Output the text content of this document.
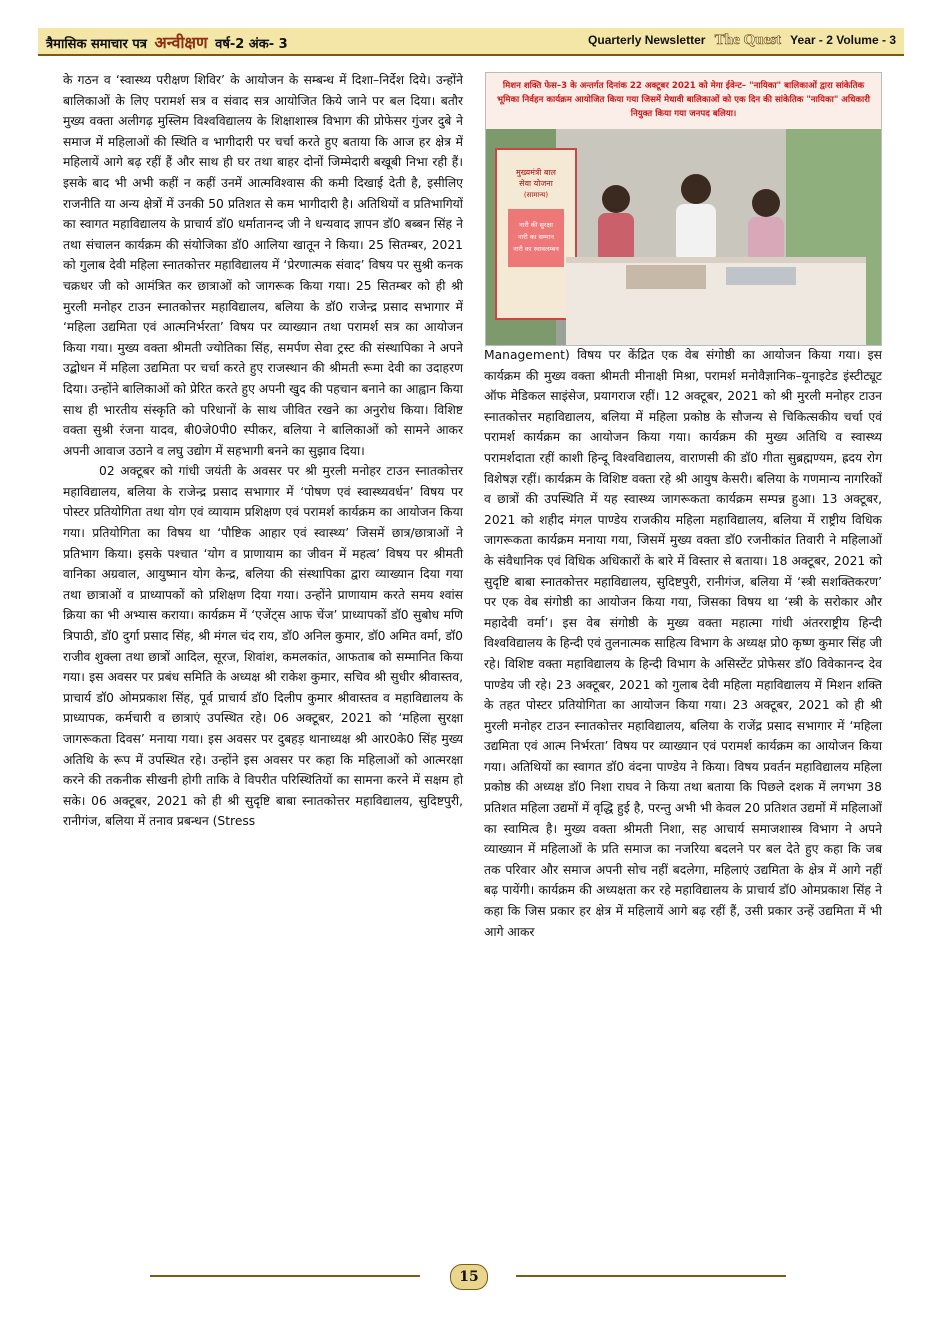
त्रैमासिक समाचार पत्र अन्वीक्षण वर्ष-2 अंक- 3	Quarterly Newsletter The Quest Year - 2 Volume - 3

के गठन व ‘स्वास्थ्य परीक्षण शिविर’ के आयोजन के सम्बन्ध में दिशा–निर्देश दिये। उन्होंने बालिकाओं के लिए परामर्श सत्र व संवाद सत्र आयोजित किये जाने पर बल दिया। बतौर मुख्य वक्ता अलीगढ़ मुस्लिम विश्वविद्यालय के शिक्षाशास्त्र विभाग की प्रोफेसर गुंजर दुबे ने समाज में महिलाओं की स्थिति व भागीदारी पर चर्चा करते हुए बताया कि आज हर क्षेत्र में महिलायें आगे बढ़ रहीं हैं और साथ ही घर तथा बाहर दोनों जिम्मेदारी बखूबी निभा रही हैं। इसके बाद भी अभी कहीं न कहीं उनमें आत्मविश्वास की कमी दिखाई देती है, इसीलिए राजनीति या अन्य क्षेत्रों में उनकी 50 प्रतिशत से कम भागीदारी है। अतिथियों व प्रतिभागियों का स्वागत महाविद्यालय के प्राचार्य डॉ0 धर्मातानन्द जी ने धन्यवाद ज्ञापन डॉ0 बब्बन सिंह ने तथा संचालन कार्यक्रम की संयोजिका डॉ0 आलिया खातून ने किया। 25 सितम्बर, 2021 को गुलाब देवी महिला स्नातकोत्तर महाविद्यालय में ‘प्रेरणात्मक संवाद’ विषय पर सुश्री कनक चक्रधर जी को आमंत्रित कर छात्राओं को जागरूक किया गया। 25 सितम्बर को ही श्री मुरली मनोहर टाउन स्नातकोत्तर महाविद्यालय, बलिया के डॉ0 राजेन्द्र प्रसाद सभागार में ‘महिला उद्यमिता एवं आत्मनिर्भरता’ विषय पर व्याख्यान तथा परामर्श सत्र का आयोजन किया गया। मुख्य वक्ता श्रीमती ज्योतिका सिंह, समर्पण सेवा ट्रस्ट की संस्थापिका ने अपने उद्बोधन में महिला उद्यमिता पर चर्चा करते हुए राजस्थान की श्रीमती रूमा देवी का उदाहरण दिया। उन्होंने बालिकाओं को प्रेरित करते हुए अपनी खुद की पहचान बनाने का आह्वान किया साथ ही भारतीय संस्कृति को परिधानों के साथ जीवित रखने का अनुरोध किया। विशिष्ट वक्ता सुश्री रंजना यादव, बी0जे0पी0 स्पीकर, बलिया ने बालिकाओं को सामने आकर अपनी आवाज उठाने व लघु उद्योग में सहभागी बनने का सुझाव दिया।

02 अक्टूबर को गांधी जयंती के अवसर पर श्री मुरली मनोहर टाउन स्नातकोत्तर महाविद्यालय, बलिया के राजेन्द्र प्रसाद सभागार में ‘पोषण एवं स्वास्थ्यवर्धन’ विषय पर पोस्टर प्रतियोगिता तथा योग एवं व्यायाम प्रशिक्षण एवं परामर्श कार्यक्रम का आयोजन किया गया। प्रतियोगिता का विषय था ‘पौष्टिक आहार एवं स्वास्थ्य’ जिसमें छात्र/छात्राओं ने प्रतिभाग किया। इसके पश्चात ‘योग व प्राणायाम का जीवन में महत्व’ विषय पर श्रीमती वानिका अग्रवाल, आयुष्मान योग केन्द्र, बलिया की संस्थापिका द्वारा व्याख्यान दिया गया तथा छात्राओं व प्राध्यापकों को प्रशिक्षण दिया गया। उन्होंने प्राणायाम करते समय श्वांस क्रिया का भी अभ्यास कराया। कार्यक्रम में ‘एजेंट्स आफ चेंज’ प्राध्यापकों डॉ0 सुबोध मणि त्रिपाठी, डॉ0 दुर्गा प्रसाद सिंह, श्री मंगल चंद राय, डॉ0 अनिल कुमार, डॉ0 अमित वर्मा, डॉ0 राजीव शुक्ला तथा छात्रों आदिल, सूरज, शिवांश, कमलकांत, आफताब को सम्मानित किया गया। इस अवसर पर प्रबंध समिति के अध्यक्ष श्री राकेश कुमार, सचिव श्री सुधीर श्रीवास्तव, प्राचार्य डॉ0 ओमप्रकाश सिंह, पूर्व प्राचार्य डॉ0 दिलीप कुमार श्रीवास्तव व महाविद्यालय के प्राध्यापक, कर्मचारी व छात्राएं उपस्थित रहे। 06 अक्टूबर, 2021 को ‘महिला सुरक्षा जागरूकता दिवस’ मनाया गया। इस अवसर पर दुबहड़ थानाध्यक्ष श्री आर0के0 सिंह मुख्य अतिथि के रूप में उपस्थित रहे। उन्होंने इस अवसर पर कहा कि महिलाओं को आत्मरक्षा करने की तकनीक सीखनी होगी ताकि वे विपरीत परिस्थितियों का सामना करने में सक्षम हो सके। 06 अक्टूबर, 2021 को ही श्री सुदृष्टि बाबा स्नातकोत्तर महाविद्यालय, सुदिष्टपुरी, रानीगंज, बलिया में तनाव प्रबन्धन (Stress

मिशन शक्ति फेस–3 के अन्तर्गत दिनांक 22 अक्टूबर 2021 को मेगा ईवेन्ट– "नायिका" बालिकाओं द्वारा सांकेतिक भूमिका निर्वहन कार्यक्रम आयोजित किया गया जिसमें मेधावी बालिकाओं को एक दिन की सांकेतिक "नायिका" अधिकारी नियुक्त किया गया जनपद बलिया।
मुख्यमंत्री बाल
सेवा योजना
(सामान्य)
नारी की सुरक्षा
नारी का सम्मान
नारी का स्वावलम्बन

Management) विषय पर केंद्रित एक वेब संगोष्ठी का आयोजन किया गया। इस कार्यक्रम की मुख्य वक्ता श्रीमती मीनाक्षी मिश्रा, परामर्श मनोवैज्ञानिक–यूनाइटेड इंस्टीट्यूट ऑफ मेडिकल साइंसेज, प्रयागराज रहीं। 12 अक्टूबर, 2021 को श्री मुरली मनोहर टाउन स्नातकोत्तर महाविद्यालय, बलिया में महिला प्रकोष्ठ के सौजन्य से चिकित्सकीय चर्चा एवं परामर्श कार्यक्रम का आयोजन किया गया। कार्यक्रम की मुख्य अतिथि व स्वास्थ्य परामर्शदाता रहीं काशी हिन्दू विश्वविद्यालय, वाराणसी की डॉ0 गीता सुब्रह्मण्यम, ह्रदय रोग विशेषज्ञ रहीं। कार्यक्रम के विशिष्ट वक्ता रहे श्री आयुष केसरी। बलिया के गणमान्य नागरिकों व छात्रों की उपस्थिति में यह स्वास्थ्य जागरूकता कार्यक्रम सम्पन्न हुआ। 13 अक्टूबर, 2021 को शहीद मंगल पाण्डेय राजकीय महिला महाविद्यालय, बलिया में राष्ट्रीय विधिक जागरूकता कार्यक्रम मनाया गया, जिसमें मुख्य वक्ता डॉ0 रजनीकांत तिवारी ने महिलाओं के संवैधानिक एवं विधिक अधिकारों के बारे में विस्तार से बताया। 18 अक्टूबर, 2021 को सुदृष्टि बाबा स्नातकोत्तर महाविद्यालय, सुदिष्टपुरी, रानीगंज, बलिया में ‘स्त्री सशक्तिकरण’ पर एक वेब संगोष्ठी का आयोजन किया गया, जिसका विषय था ‘स्त्री के सरोकार और महादेवी वर्मा’। इस वेब संगोष्ठी के मुख्य वक्ता महात्मा गांधी अंतरराष्ट्रीय हिन्दी विश्वविद्यालय के हिन्दी एवं तुलनात्मक साहित्य विभाग के अध्यक्ष प्रो0 कृष्ण कुमार सिंह जी रहे। विशिष्ट वक्ता महाविद्यालय के हिन्दी विभाग के असिस्टेंट प्रोफेसर डॉ0 विवेकानन्द देव पाण्डेय जी रहे। 23 अक्टूबर, 2021 को गुलाब देवी महिला महाविद्यालय में मिशन शक्ति के तहत पोस्टर प्रतियोगिता का आयोजन किया गया। 23 अक्टूबर, 2021 को ही श्री मुरली मनोहर टाउन स्नातकोत्तर महाविद्यालय, बलिया के राजेंद्र प्रसाद सभागार में ‘महिला उद्यमिता एवं आत्म निर्भरता’ विषय पर व्याख्यान एवं परामर्श कार्यक्रम का आयोजन किया गया। अतिथियों का स्वागत डॉ0 वंदना पाण्डेय ने किया। विषय प्रवर्तन महाविद्यालय महिला प्रकोष्ठ की अध्यक्ष डॉ0 निशा राघव ने किया तथा बताया कि पिछले दशक में लगभग 38 प्रतिशत महिला उद्यमों में वृद्धि हुई है, परन्तु अभी भी केवल 20 प्रतिशत उद्यमों में महिलाओं का स्वामित्व है। मुख्य वक्ता श्रीमती निशा, सह आचार्य समाजशास्त्र विभाग ने अपने व्याख्यान में महिलाओं के प्रति समाज का नजरिया बदलने पर बल देते हुए कहा कि जब तक परिवार और समाज अपनी सोच नहीं बदलेगा, महिलाएं उद्यमिता के क्षेत्र में आगे नहीं बढ़ पायेंगी। कार्यक्रम की अध्यक्षता कर रहे महाविद्यालय के प्राचार्य डॉ0 ओमप्रकाश सिंह ने कहा कि जिस प्रकार हर क्षेत्र में महिलायें आगे बढ़ रहीं हैं, उसी प्रकार उन्हें उद्यमिता में भी आगे आकर

15
